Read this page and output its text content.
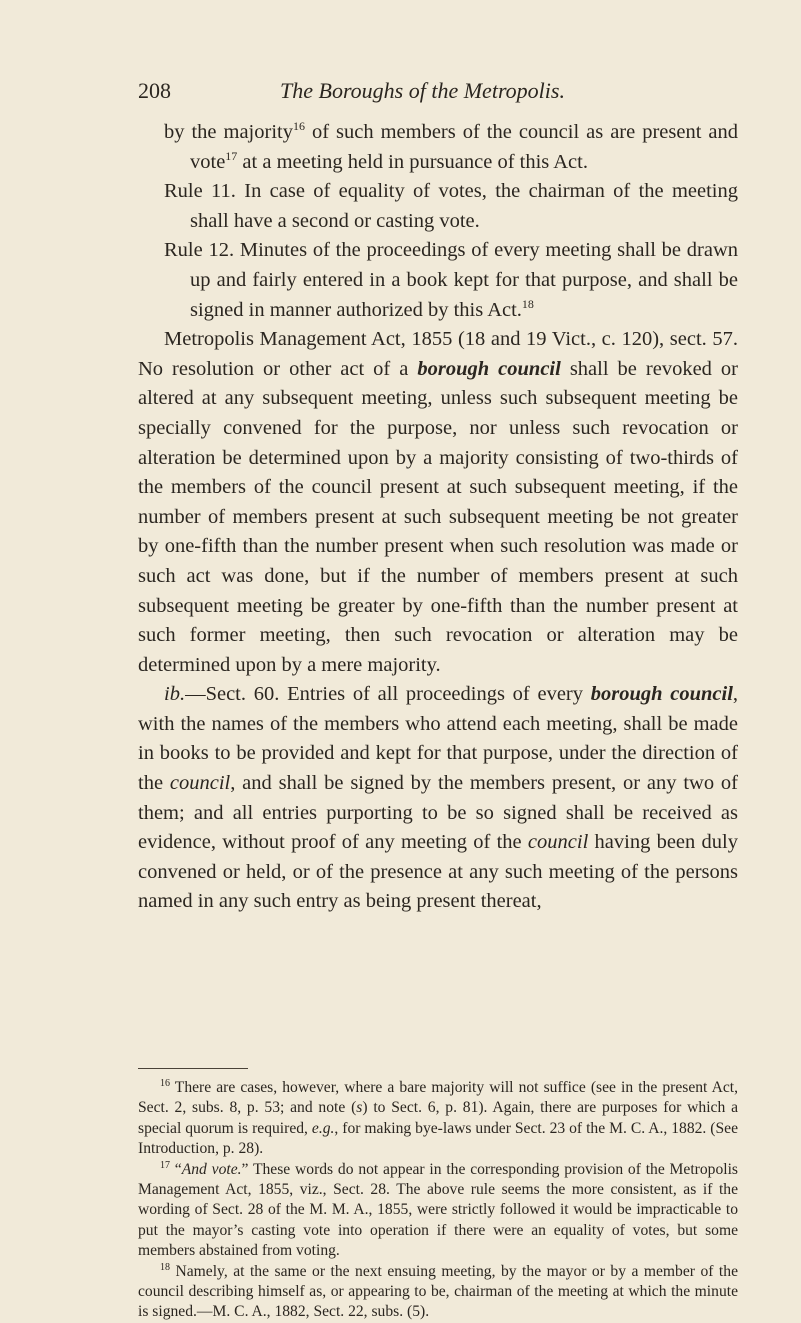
208	The Boroughs of the Metropolis.

by the majority$^{16}$ of such members of the council as are present and vote$^{17}$ at a meeting held in pursuance of this Act.

Rule 11. In case of equality of votes, the chairman of the meeting shall have a second or casting vote.

Rule 12. Minutes of the proceedings of every meeting shall be drawn up and fairly entered in a book kept for that purpose, and shall be signed in manner authorized by this Act.$^{18}$

Metropolis Management Act, 1855 (18 and 19 Vict., c. 120), sect. 57. No resolution or other act of a borough council shall be revoked or altered at any subsequent meeting, unless such subsequent meeting be specially convened for the purpose, nor unless such revocation or alteration be determined upon by a majority consisting of two-thirds of the members of the council present at such subsequent meeting, if the number of members present at such subsequent meeting be not greater by one-fifth than the number present when such resolution was made or such act was done, but if the number of members present at such subsequent meeting be greater by one-fifth than the number present at such former meeting, then such revocation or alteration may be determined upon by a mere majority.

ib.—Sect. 60. Entries of all proceedings of every borough council, with the names of the members who attend each meeting, shall be made in books to be provided and kept for that purpose, under the direction of the council, and shall be signed by the members present, or any two of them; and all entries purporting to be so signed shall be received as evidence, without proof of any meeting of the council having been duly convened or held, or of the presence at any such meeting of the persons named in any such entry as being present thereat,

$^{16}$ There are cases, however, where a bare majority will not suffice (see in the present Act, Sect. 2, subs. 8, p. 53; and note (s) to Sect. 6, p. 81). Again, there are purposes for which a special quorum is required, e.g., for making bye-laws under Sect. 23 of the M. C. A., 1882. (See Introduction, p. 28).

$^{17}$ “And vote.” These words do not appear in the corresponding provision of the Metropolis Management Act, 1855, viz., Sect. 28. The above rule seems the more consistent, as if the wording of Sect. 28 of the M. M. A., 1855, were strictly followed it would be impracticable to put the mayor’s casting vote into operation if there were an equality of votes, but some members abstained from voting.

$^{18}$ Namely, at the same or the next ensuing meeting, by the mayor or by a member of the council describing himself as, or appearing to be, chairman of the meeting at which the minute is signed.—M. C. A., 1882, Sect. 22, subs. (5).
